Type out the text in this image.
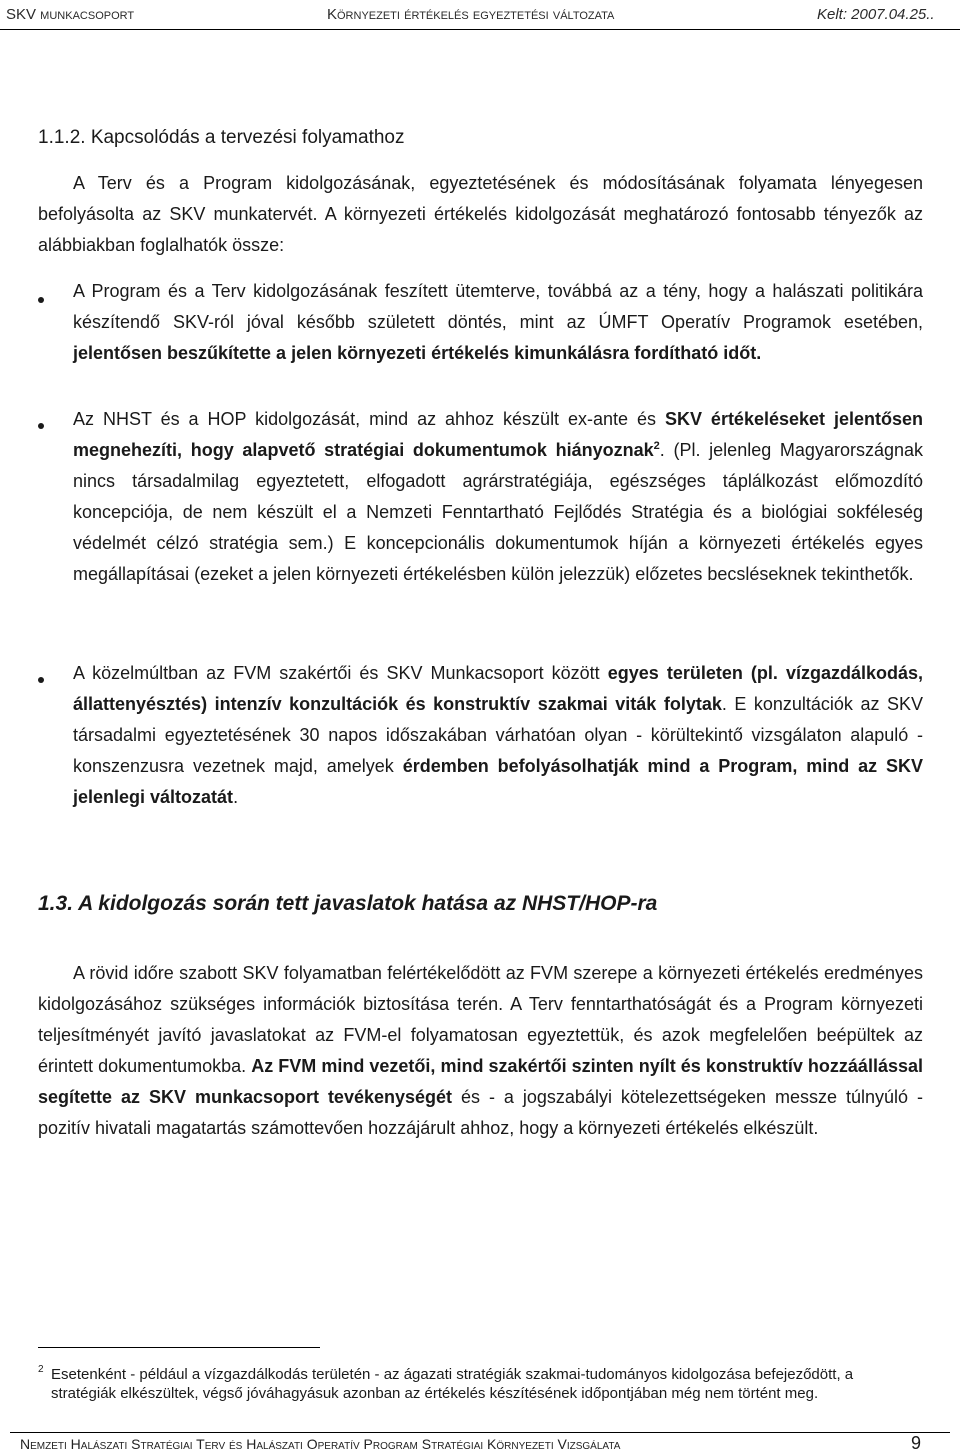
SKV munkacsoport	Környezeti értékelés egyeztetési változata	Kelt: 2007.04.25..
1.1.2. Kapcsolódás a tervezési folyamathoz
A Terv és a Program kidolgozásának, egyeztetésének és módosításának folyamata lényegesen befolyásolta az SKV munkatervét. A környezeti értékelés kidolgozását meghatározó fontosabb tényezők az alábbiakban foglalhatók össze:
A Program és a Terv kidolgozásának feszített ütemterve, továbbá az a tény, hogy a halászati politikára készítendő SKV-ról jóval később született döntés, mint az ÚMFT Operatív Programok esetében, jelentősen beszűkítette a jelen környezeti értékelés kimunkálásra fordítható időt.
Az NHST és a HOP kidolgozását, mind az ahhoz készült ex-ante és SKV értékeléseket jelentősen megnehezíti, hogy alapvető stratégiai dokumentumok hiányoznak$^2$. (Pl. jelenleg Magyarországnak nincs társadalmilag egyeztetett, elfogadott agrárstratégiája, egészséges táplálkozást előmozdító koncepciója, de nem készült el a Nemzeti Fenntartható Fejlődés Stratégia és a biológiai sokféleség védelmét célzó stratégia sem.) E koncepcionális dokumentumok híján a környezeti értékelés egyes megállapításai (ezeket a jelen környezeti értékelésben külön jelezzük) előzetes becsléseknek tekinthetők.
A közelmúltban az FVM szakértői és SKV Munkacsoport között egyes területen (pl. vízgazdálkodás, állattenyésztés) intenzív konzultációk és konstruktív szakmai viták folytak. E konzultációk az SKV társadalmi egyeztetésének 30 napos időszakában várhatóan olyan - körültekintő vizsgálaton alapuló - konszenzusra vezetnek majd, amelyek érdemben befolyásolhatják mind a Program, mind az SKV jelenlegi változatát.
1.3. A kidolgozás során tett javaslatok hatása az NHST/HOP-ra
A rövid időre szabott SKV folyamatban felértékelődött az FVM szerepe a környezeti értékelés eredményes kidolgozásához szükséges információk biztosítása terén. A Terv fenntarthatóságát és a Program környezeti teljesítményét javító javaslatokat az FVM-el folyamatosan egyeztettük, és azok megfelelően beépültek az érintett dokumentumokba. Az FVM mind vezetői, mind szakértői szinten nyílt és konstruktív hozzáállással segítette az SKV munkacsoport tevékenységét és - a jogszabályi kötelezettségeken messze túlnyúló - pozitív hivatali magatartás számottevően hozzájárult ahhoz, hogy a környezeti értékelés elkészült.
2 Esetenként - például a vízgazdálkodás területén - az ágazati stratégiák szakmai-tudományos kidolgozása befejeződött, a stratégiák elkészültek, végső jóváhagyásuk azonban az értékelés készítésének időpontjában még nem történt meg.
Nemzeti Halászati Stratégiai Terv és Halászati Operatív Program Stratégiai Környezeti Vizsgálata	9
